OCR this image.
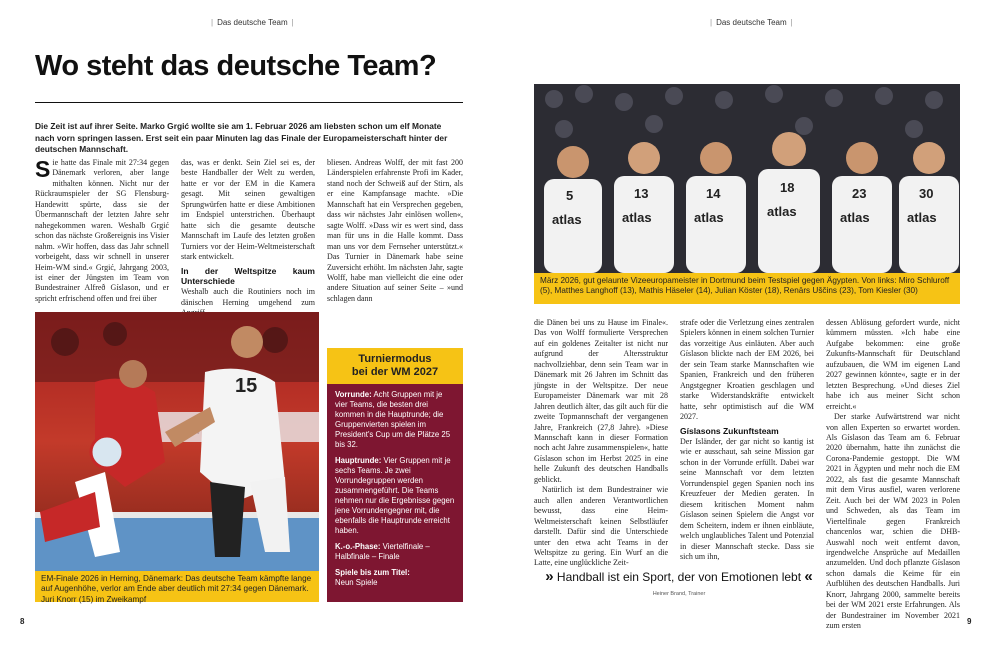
| Das deutsche Team |	| Das deutsche Team |
Wo steht das deutsche Team?
Die Zeit ist auf ihrer Seite. Marko Grgić wollte sie am 1. Februar 2026 am liebsten schon um elf Monate nach vorn springen lassen. Erst seit ein paar Minuten lag das Finale der Europameisterschaft hinter der deutschen Mannschaft.
S ie hatte das Finale mit 27:34 gegen Dänemark verloren, aber lange mithalten können. Nicht nur der Rückraumspieler der SG Flensburg-Handewitt spürte, dass sie der Übermannschaft der letzten Jahre sehr nahegekommen waren. Weshalb Grgić schon das nächste Großereignis ins Visier nahm. »Wir hoffen, dass das Jahr schnell vorbeigeht, dass wir schnell in unserer Heim-WM sind.« Grgić, Jahrgang 2003, ist einer der Jüngsten im Team von Bundestrainer Alfreð Gíslason, und er spricht erfrischend offen und frei über

das, was er denkt. Sein Ziel sei es, der beste Handballer der Welt zu werden, hatte er vor der EM in die Kamera gesagt. Mit seinen gewaltigen Sprungwürfen hatte er diese Ambitionen im Endspiel unterstrichen. Überhaupt hatte sich die gesamte deutsche Mannschaft im Laufe des letzten großen Turniers vor der Heim-Weltmeisterschaft stark entwickelt.

In der Weltspitze kaum Unterschiede

Weshalb auch die Routiniers noch im dänischen Herning umgehend zum

bliesen. Andreas Wolff, der mit fast 200 Länderspielen erfahrenste Profi im Kader, stand noch der Schweiß auf der Stirn, als er eine Kampfansage machte. »Die Mannschaft hat ein Versprechen gegeben, dass wir nächstes Jahr einlösen wollen«, sagte Wolff. »Dass wir es wert sind, dass man für uns in die Halle kommt. Dass man uns vor dem Fernseher unterstützt.« Das Turnier in Dänemark habe seine Zuversicht erhöht. Im nächsten Jahr, sagte Wolff, habe man vielleicht die eine oder andere Situation auf seiner Seite – »und schlagen dann

15
EM-Finale 2026 in Herning, Dänemark: Das deutsche Team kämpfte lange auf Augenhöhe, verlor am Ende aber deutlich mit 27:34 gegen Dänemark. Juri Knorr (15) im Zweikampf
Turniermodus
bei der WM 2027
Vorrunde: Acht Gruppen mit je vier Teams, die besten drei kommen in die Hauptrunde; die Gruppenvierten spielen im President's Cup um die Plätze 25 bis 32.
Hauptrunde: Vier Gruppen mit je sechs Teams. Je zwei Vorrundegruppen werden zusammengeführt. Die Teams nehmen nur die Ergebnisse gegen jene Vorrundengegner mit, die ebenfalls die Hauptrunde erreicht haben.
K.-o.-Phase: Viertelfinale – Halbfinale – Finale
Spiele bis zum Titel:
Neun Spiele
8
5
atlas
13
atlas
14
atlas
18
atlas
23
atlas
30
atlas
März 2026, gut gelaunte Vizeeuropameister in Dortmund beim Testspiel gegen Ägypten. Von links: Miro Schluroff (5), Matthes Langhoff (13), Mathis Häseler (14), Julian Köster (18), Renārs Uščins (23), Tom Kiesler (30)

die Dänen bei uns zu Hause im Finale«. Das von Wolff formulierte Versprechen auf ein goldenes Zeitalter ist nicht nur aufgrund der Altersstruktur nachvollziehbar, denn sein Team war in Dänemark mit 26 Jahren im Schnitt das jüngste in der Weltspitze. Der neue Europameister Dänemark war mit 28 Jahren deutlich älter, das gilt auch für die zweite Topmannschaft der vergangenen Jahre, Frankreich (27,8 Jahre). »Diese Mannschaft kann in dieser Formation noch acht Jahre zusammenspielen«, hatte Gíslason schon im Herbst 2025 in eine helle Zukunft des deutschen Handballs geblickt.

Natürlich ist dem Bundestrainer wie auch allen anderen Verantwortlichen bewusst, dass eine Heim-Weltmeisterschaft keinen Selbstläufer darstellt. Dafür sind die Unterschiede unter den etwa acht Teams in der Weltspitze zu gering. Ein Wurf an die Latte, eine unglückliche Zeit-

strafe oder die Verletzung eines zentralen Spielers können in einem solchen Turnier das vorzeitige Aus einläuten. Aber auch Gíslason blickte nach der EM 2026, bei der sein Team starke Mannschaften wie Spanien, Frankreich und den früheren Angstgegner Kroatien geschlagen und starke Widerstandskräfte entwickelt hatte, sehr optimistisch auf die WM 2027.

Gíslasons Zukunftsteam

Der Isländer, der gar nicht so kantig ist wie er ausschaut, sah seine Mission gar schon in der Vorrunde erfüllt. Dabei war seine Mannschaft vor dem letzten Vorrundenspiel gegen Spanien noch ins Kreuzfeuer der Medien geraten. In diesem kritischen Moment nahm Gíslason seinen Spielern die Angst vor dem Scheitern, indem er ihnen einbläute, welch unglaubliches Talent und Potenzial in dieser Mannschaft stecke. Dass sie sich um ihn,

dessen Ablösung gefordert wurde, nicht kümmern müssten. »Ich habe eine Aufgabe bekommen: eine große Zukunfts-Mannschaft für Deutschland aufzubauen, die WM im eigenen Land 2027 gewinnen könnte«, sagte er in der letzten Besprechung. »Und dieses Ziel habe ich aus meiner Sicht schon erreicht.«

Der starke Aufwärtstrend war nicht von allen Experten so erwartet worden. Als Gíslason das Team am 6. Februar 2020 übernahm, hatte ihn zunächst die Corona-Pandemie gestoppt. Die WM 2021 in Ägypten und mehr noch die EM 2022, als fast die gesamte Mannschaft mit dem Virus ausfiel, waren verlorene Zeit. Auch bei der WM 2023 in Polen und Schweden, als das Team im Viertelfinale gegen Frankreich chancenlos war, schien die DHB-Auswahl noch weit entfernt davon, irgendwelche Ansprüche auf Medaillen anzumelden. Und doch pflanzte Gíslason schon damals die Keime für ein Aufblühen des deutschen Handballs. Juri Knorr, Jahrgang 2000, sammelte bereits bei der WM 2021 erste Erfahrungen. Als der Bundestrainer im November 2021 zum ersten

» Handball ist ein Sport, der von Emotionen lebt «
Heiner Brand, Trainer
9
